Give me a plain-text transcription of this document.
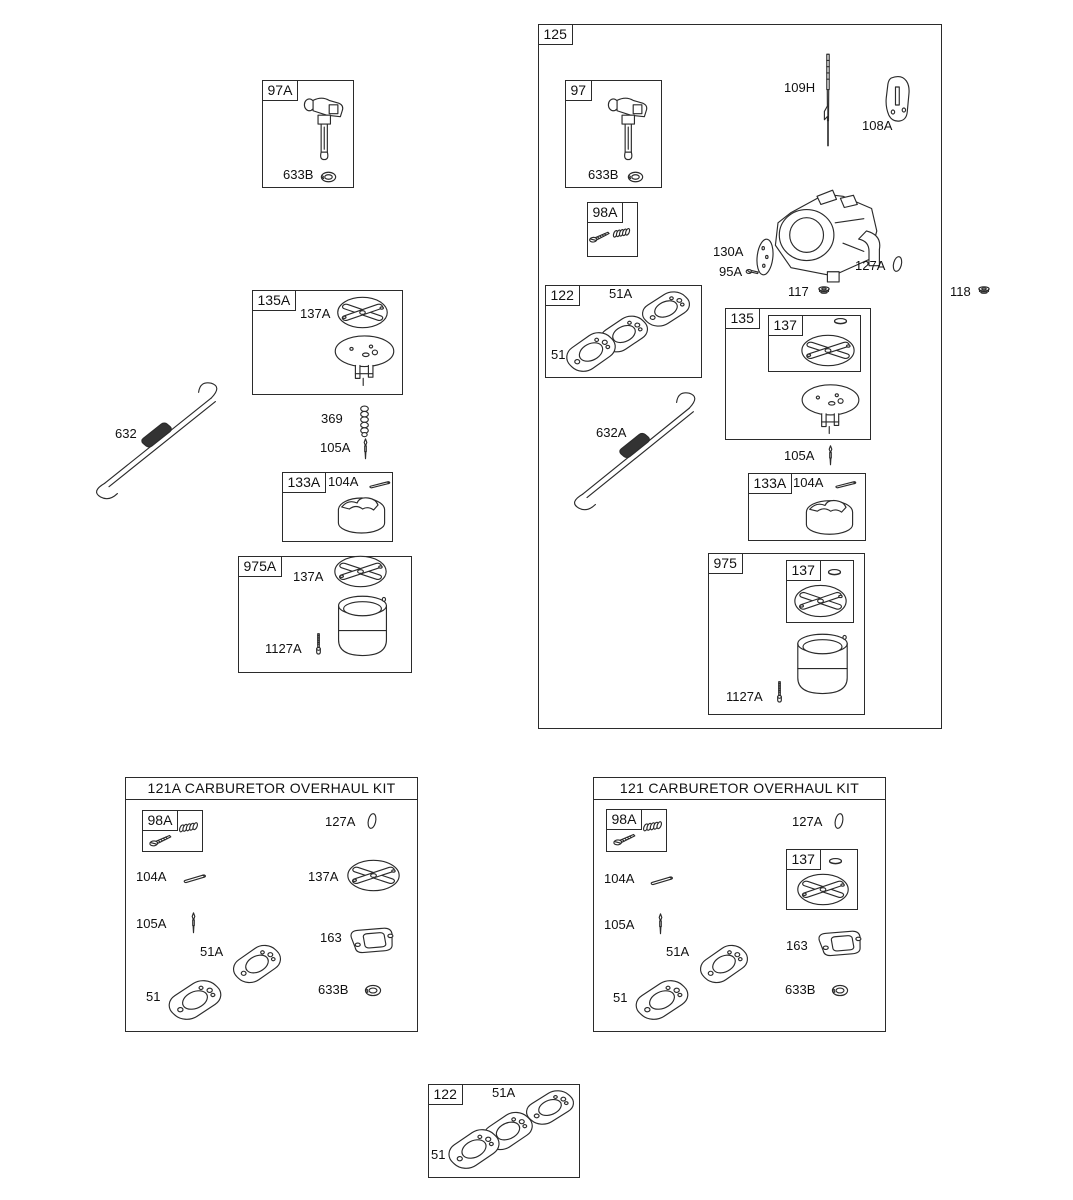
97A
125
97
98A
122
135	137
133A
975	137
135A
133A
975A
98A	98A
137
122
121A CARBURETOR OVERHAUL KIT	121 CARBURETOR OVERHAUL KIT
633B	633B
109H
108A
130A
95A	127A
117
51A
51
105A
104A
1127A
632A
118
137A
369
105A
104A
632
137A
1127A
127A
104A	137A
105A
51A
51
163
633B
127A
104A
105A
51A
51
163
633B
51A
51
